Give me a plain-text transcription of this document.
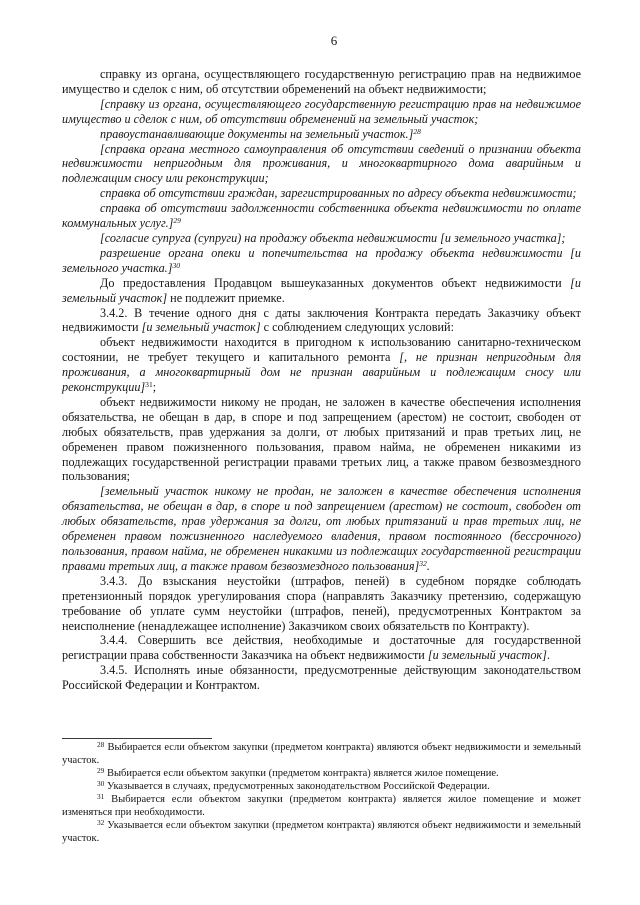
6

справку из органа, осуществляющего государственную регистрацию прав на недвижимое имущество и сделок с ним, об отсутствии обременений на объект недвижимости;

[справку из органа, осуществляющего государственную регистрацию прав на недвижимое имущество и сделок с ним, об отсутствии обременений на земельный участок;

правоустанавливающие документы на земельный участок.]$^{28}$

[справка органа местного самоуправления об отсутствии сведений о признании объекта недвижимости непригодным для проживания, и многоквартирного дома аварийным и подлежащим сносу или реконструкции;

справка об отсутствии граждан, зарегистрированных по адресу объекта недвижимости;

справка об отсутствии задолженности собственника объекта недвижимости по оплате коммунальных услуг.]$^{29}$

[согласие супруга (супруги) на продажу объекта недвижимости [и земельного участка];

разрешение органа опеки и попечительства на продажу объекта недвижимости [и земельного участка.]$^{30}$

До предоставления Продавцом вышеуказанных документов объект недвижимости [и земельный участок] не подлежит приемке.

3.4.2. В течение одного дня с даты заключения Контракта передать Заказчику объект недвижимости [и земельный участок] с соблюдением следующих условий:

объект недвижимости находится в пригодном к использованию санитарно-техническом состоянии, не требует текущего и капитального ремонта [, не признан непригодным для проживания, а многоквартирный дом не признан аварийным и подлежащим сносу или реконструкции]$^{31}$;

объект недвижимости никому не продан, не заложен в качестве обеспечения исполнения обязательства, не обещан в дар, в споре и под запрещением (арестом) не состоит, свободен от любых обязательств, прав удержания за долги, от любых притязаний и прав третьих лиц, не обременен правом пожизненного пользования, правом найма, не обременен никакими из подлежащих государственной регистрации правами третьих лиц, а также правом безвозмездного пользования;

[земельный участок никому не продан, не заложен в качестве обеспечения исполнения обязательства, не обещан в дар, в споре и под запрещением (арестом) не состоит, свободен от любых обязательств, прав удержания за долги, от любых притязаний и прав третьих лиц, не обременен правом пожизненного наследуемого владения, правом постоянного (бессрочного) пользования, правом найма, не обременен никакими из подлежащих государственной регистрации правами третьих лиц, а также правом безвозмездного пользования]$^{32}$.

3.4.3. До взыскания неустойки (штрафов, пеней) в судебном порядке соблюдать претензионный порядок урегулирования спора (направлять Заказчику претензию, содержащую требование об уплате сумм неустойки (штрафов, пеней), предусмотренных Контрактом за неисполнение (ненадлежащее исполнение) Заказчиком своих обязательств по Контракту).

3.4.4. Совершить все действия, необходимые и достаточные для государственной регистрации права собственности Заказчика на объект недвижимости [и земельный участок].

3.4.5. Исполнять иные обязанности, предусмотренные действующим законодательством Российской Федерации и Контрактом.

$^{28}$ Выбирается если объектом закупки (предметом контракта) являются объект недвижимости и земельный участок.

$^{29}$ Выбирается если объектом закупки (предметом контракта) является жилое помещение.

$^{30}$ Указывается в случаях, предусмотренных законодательством Российской Федерации.

$^{31}$ Выбирается если объектом закупки (предметом контракта) является жилое помещение и может изменяться при необходимости.

$^{32}$ Указывается если объектом закупки (предметом контракта) являются объект недвижимости и земельный участок.
